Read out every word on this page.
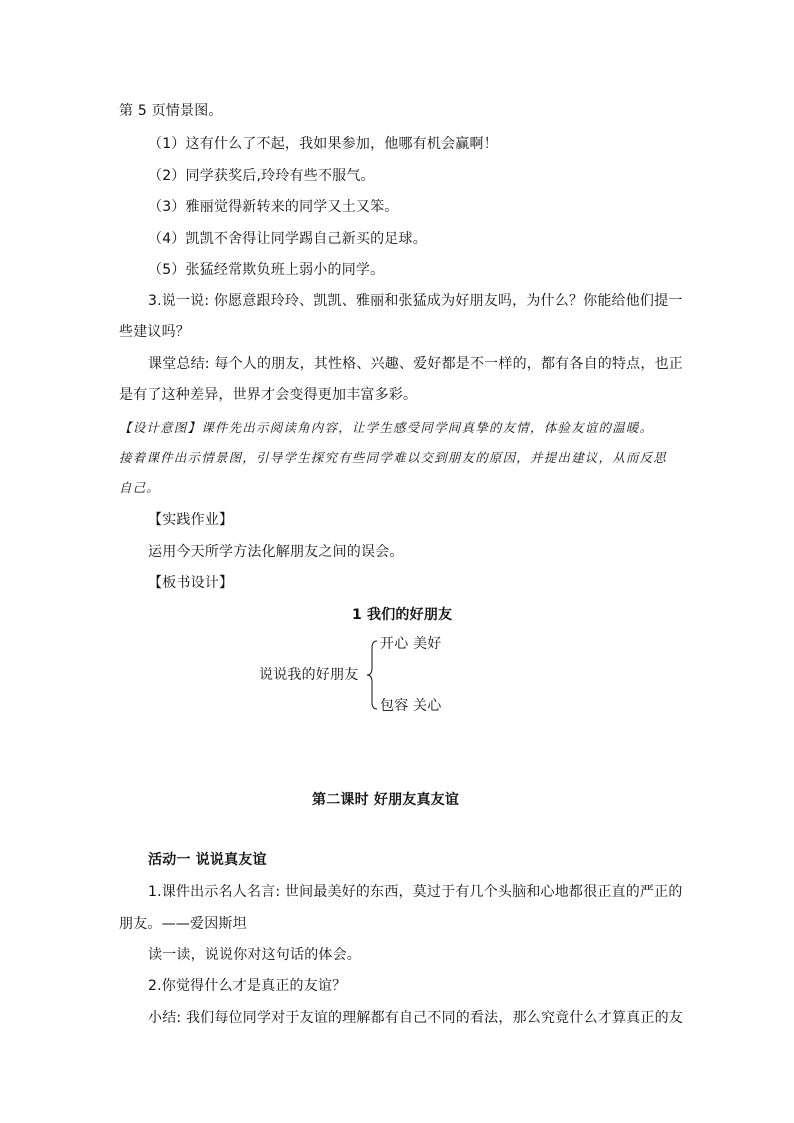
第 5 页情景图。
（1）这有什么了不起，我如果参加，他哪有机会赢啊！
（2）同学获奖后,玲玲有些不服气。
（3）雅丽觉得新转来的同学又土又笨。
（4）凯凯不舍得让同学踢自己新买的足球。
（5）张猛经常欺负班上弱小的同学。
3.说一说: 你愿意跟玲玲、凯凯、雅丽和张猛成为好朋友吗，为什么？你能给他们提一
些建议吗？
课堂总结: 每个人的朋友，其性格、兴趣、爱好都是不一样的，都有各自的特点，也正
是有了这种差异，世界才会变得更加丰富多彩。
【设计意图】课件先出示阅读角内容，让学生感受同学间真挚的友情，体验友谊的温暖。
接着课件出示情景图，引导学生探究有些同学难以交到朋友的原因，并提出建议，从而反思
自己。
【实践作业】
运用今天所学方法化解朋友之间的误会。
【板书设计】
1 我们的好朋友
开心 美好
说说我的好朋友
包容 关心
第二课时 好朋友真友谊
活动一 说说真友谊
1.课件出示名人名言: 世间最美好的东西，莫过于有几个头脑和心地都很正直的严正的
朋友。——爱因斯坦
读一读，说说你对这句话的体会。
2.你觉得什么才是真正的友谊？
小结: 我们每位同学对于友谊的理解都有自己不同的看法，那么究竟什么才算真正的友
